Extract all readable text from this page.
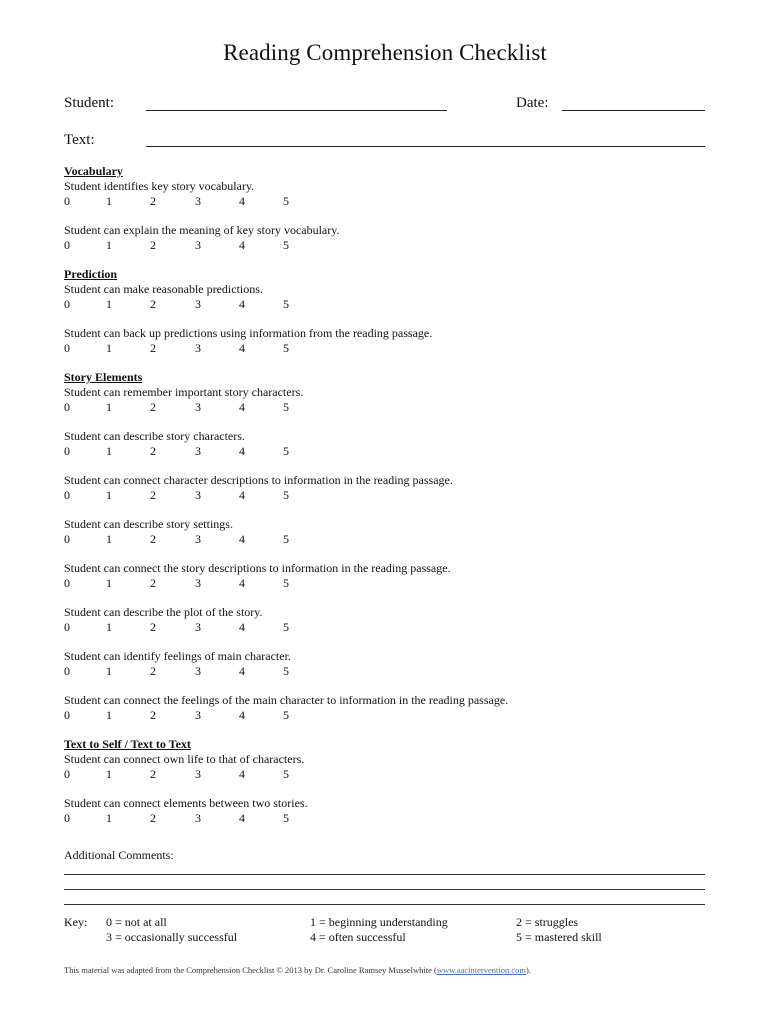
Reading Comprehension Checklist
Student:	Date:
Text:
Vocabulary
Student identifies key story vocabulary.
0	1	2	3	4	5
Student can explain the meaning of key story vocabulary.
0	1	2	3	4	5
Prediction
Student can make reasonable predictions.
0	1	2	3	4	5
Student can back up predictions using information from the reading passage.
0	1	2	3	4	5
Story Elements
Student can remember important story characters.
0	1	2	3	4	5
Student can describe story characters.
0	1	2	3	4	5
Student can connect character descriptions to information in the reading passage.
0	1	2	3	4	5
Student can describe story settings.
0	1	2	3	4	5
Student can connect the story descriptions to information in the reading passage.
0	1	2	3	4	5
Student can describe the plot of the story.
0	1	2	3	4	5
Student can identify feelings of main character.
0	1	2	3	4	5
Student can connect the feelings of the main character to information in the reading passage.
0	1	2	3	4	5
Text to Self / Text to Text
Student can connect own life to that of characters.
0	1	2	3	4	5
Student can connect elements between two stories.
0	1	2	3	4	5
Additional Comments:
Key: 0 = not at all	1 = beginning understanding	2 = struggles
3 = occasionally successful	4 = often successful	5 = mastered skill
This material was adapted from the Comprehension Checklist © 2013 by Dr. Caroline Ramsey Musselwhite (www.aacintervention.com).
